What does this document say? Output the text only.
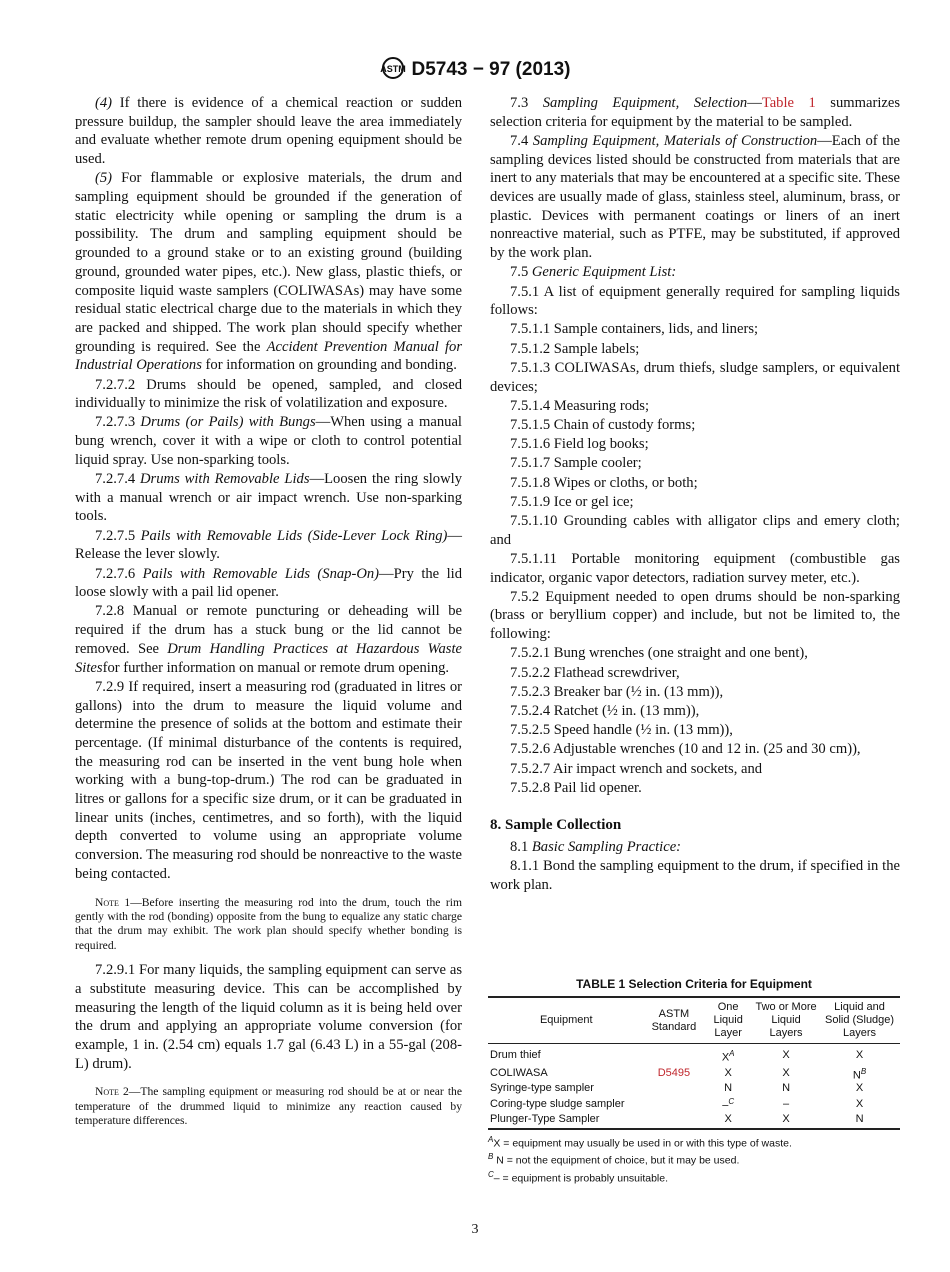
ASTM D5743 − 97 (2013)

(4) If there is evidence of a chemical reaction or sudden pressure buildup, the sampler should leave the area immediately and evaluate whether remote drum opening equipment should be used.

(5) For flammable or explosive materials, the drum and sampling equipment should be grounded if the generation of static electricity while opening or sampling the drum is a possibility. The drum and sampling equipment should be grounded to a ground stake or to an existing ground (building ground, grounded water pipes, etc.). New glass, plastic thiefs, or composite liquid waste samplers (COLIWASAs) may have some residual static electrical charge due to the materials in which they are packed and shipped. The work plan should specify whether grounding is required. See the Accident Prevention Manual for Industrial Operations for information on grounding and bonding.

7.2.7.2 Drums should be opened, sampled, and closed individually to minimize the risk of volatilization and exposure.

7.2.7.3 Drums (or Pails) with Bungs—When using a manual bung wrench, cover it with a wipe or cloth to control potential liquid spray. Use non-sparking tools.

7.2.7.4 Drums with Removable Lids—Loosen the ring slowly with a manual wrench or air impact wrench. Use non-sparking tools.

7.2.7.5 Pails with Removable Lids (Side-Lever Lock Ring)—Release the lever slowly.

7.2.7.6 Pails with Removable Lids (Snap-On)—Pry the lid loose slowly with a pail lid opener.

7.2.8 Manual or remote puncturing or deheading will be required if the drum has a stuck bung or the lid cannot be removed. See Drum Handling Practices at Hazardous Waste Sitesfor further information on manual or remote drum opening.

7.2.9 If required, insert a measuring rod (graduated in litres or gallons) into the drum to measure the liquid volume and determine the presence of solids at the bottom and estimate their percentage. (If minimal disturbance of the contents is required, the measuring rod can be inserted in the vent bung hole when working with a bung-top-drum.) The rod can be graduated in litres or gallons for a specific size drum, or it can be graduated in linear units (inches, centimetres, and so forth), with the liquid depth converted to volume using an appropriate volume conversion. The measuring rod should be nonreactive to the waste being contacted.

Note 1—Before inserting the measuring rod into the drum, touch the rim gently with the rod (bonding) opposite from the bung to equalize any static charge that the drum may exhibit. The work plan should specify whether bonding is required.

7.2.9.1 For many liquids, the sampling equipment can serve as a substitute measuring device. This can be accomplished by measuring the length of the liquid column as it is being held over the drum and applying an appropriate volume conversion (for example, 1 in. (2.54 cm) equals 1.7 gal (6.43 L) in a 55-gal (208-L) drum).

Note 2—The sampling equipment or measuring rod should be at or near the temperature of the drummed liquid to minimize any reaction caused by temperature differences.

7.3 Sampling Equipment, Selection—Table 1 summarizes selection criteria for equipment by the material to be sampled.

7.4 Sampling Equipment, Materials of Construction—Each of the sampling devices listed should be constructed from materials that are inert to any materials that may be encountered at a specific site. These devices are usually made of glass, stainless steel, aluminum, brass, or plastic. Devices with permanent coatings or liners of an inert nonreactive material, such as PTFE, may be substituted, if approved by the work plan.

7.5 Generic Equipment List:

7.5.1 A list of equipment generally required for sampling liquids follows:

7.5.1.1 Sample containers, lids, and liners;

7.5.1.2 Sample labels;

7.5.1.3 COLIWASAs, drum thiefs, sludge samplers, or equivalent devices;

7.5.1.4 Measuring rods;

7.5.1.5 Chain of custody forms;

7.5.1.6 Field log books;

7.5.1.7 Sample cooler;

7.5.1.8 Wipes or cloths, or both;

7.5.1.9 Ice or gel ice;

7.5.1.10 Grounding cables with alligator clips and emery cloth; and

7.5.1.11 Portable monitoring equipment (combustible gas indicator, organic vapor detectors, radiation survey meter, etc.).

7.5.2 Equipment needed to open drums should be non-sparking (brass or beryllium copper) and include, but not be limited to, the following:

7.5.2.1 Bung wrenches (one straight and one bent),

7.5.2.2 Flathead screwdriver,

7.5.2.3 Breaker bar (½ in. (13 mm)),

7.5.2.4 Ratchet (½ in. (13 mm)),

7.5.2.5 Speed handle (½ in. (13 mm)),

7.5.2.6 Adjustable wrenches (10 and 12 in. (25 and 30 cm)),

7.5.2.7 Air impact wrench and sockets, and

7.5.2.8 Pail lid opener.

8. Sample Collection

8.1 Basic Sampling Practice:

8.1.1 Bond the sampling equipment to the drum, if specified in the work plan.

TABLE 1 Selection Criteria for Equipment
Equipment	ASTM Standard	One Liquid Layer	Two or More Liquid Layers	Liquid and Solid (Sludge) Layers
Drum thief		$X^A$	X	X
COLIWASA	D5495	X	X	$N^B$
Syringe-type sampler		N	N	X
Coring-type sludge sampler		–$^C$	–	X
Plunger-Type Sampler		X	X	N
$^A$X = equipment may usually be used in or with this type of waste.
$^B$ N = not the equipment of choice, but it may be used.
$^C$– = equipment is probably unsuitable.
3
